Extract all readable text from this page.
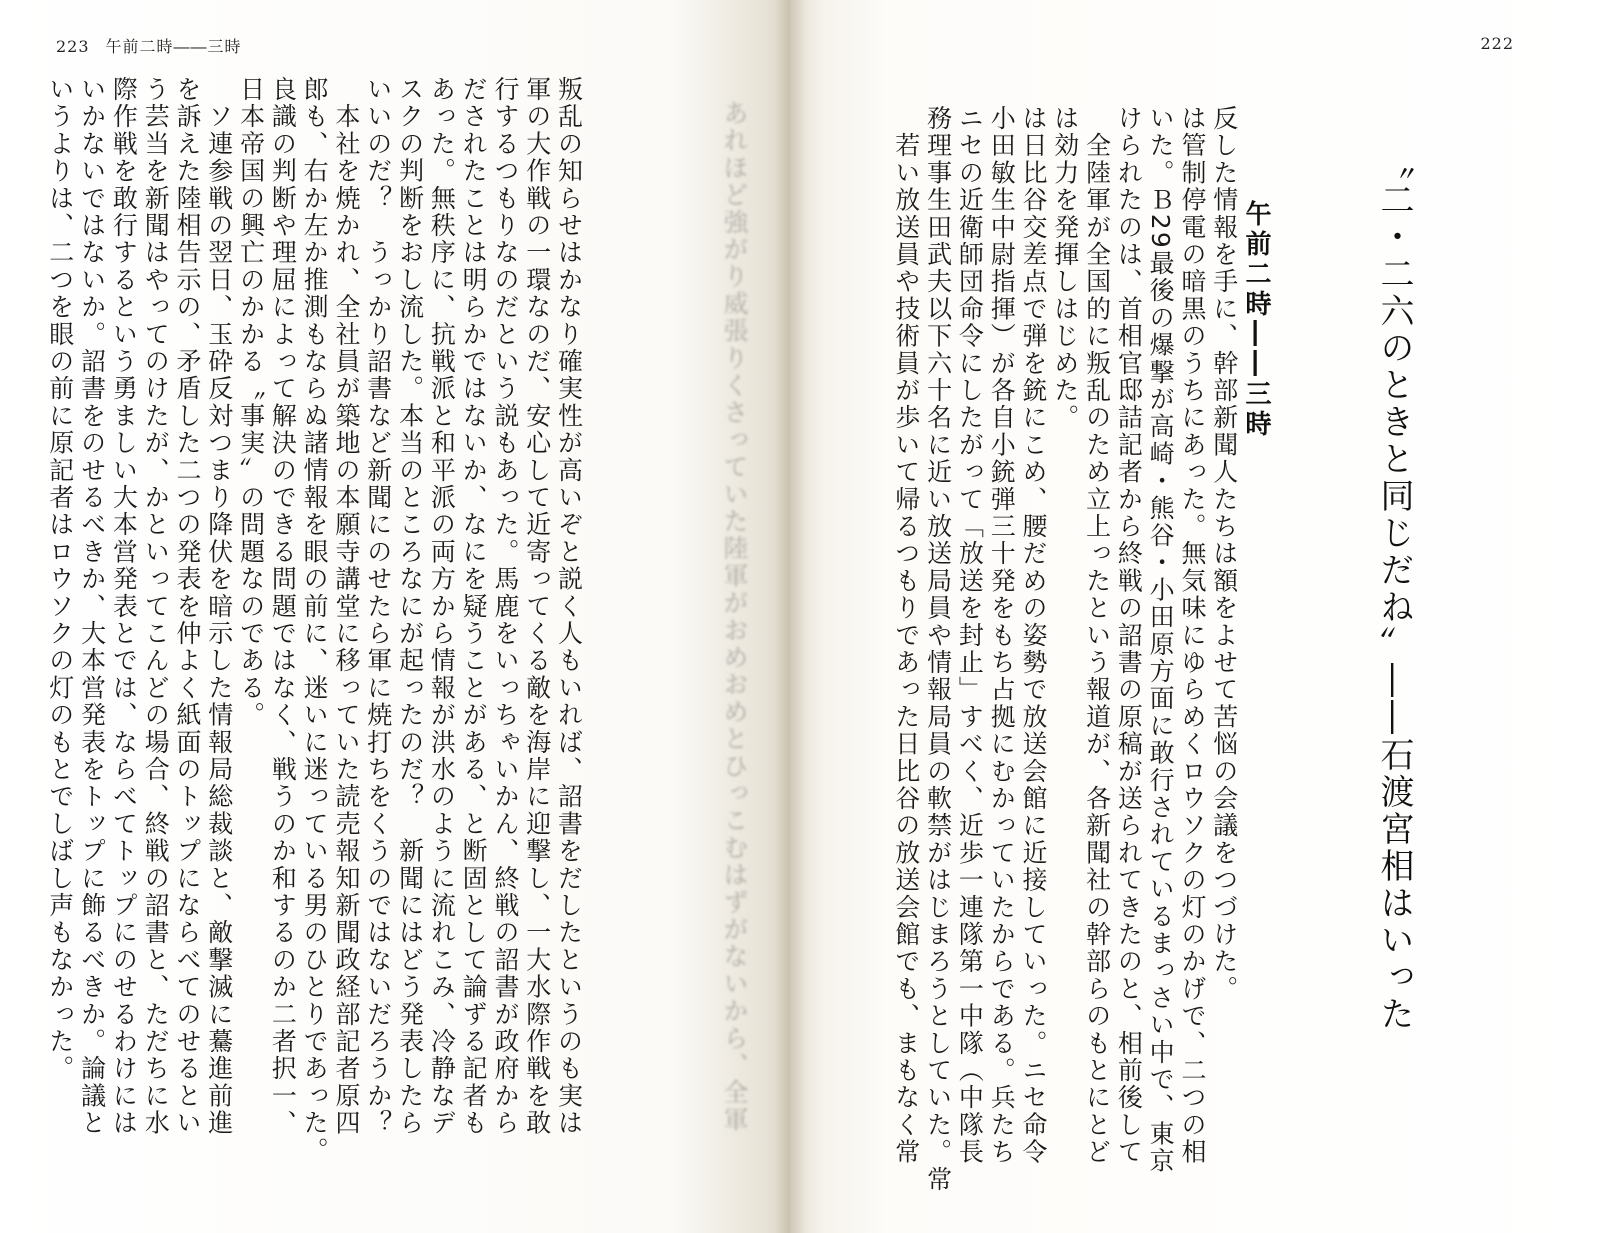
223 午前二時――三時
叛乱の知らせはかなり確実性が高いぞと説く人もいれば、詔書をだしたというのも実は
軍の大作戦の一環なのだ、安心して近寄ってくる敵を海岸に迎撃し、一大水際作戦を敢
行するつもりなのだという説もあった。馬鹿をいっちゃいかん、終戦の詔書が政府から
だされたことは明らかではないか、なにを疑うことがある、と断固として論ずる記者も
あった。無秩序に、抗戦派と和平派の両方から情報が洪水のように流れこみ、冷静なデ
スクの判断をおし流した。本当のところなにが起ったのだ？　新聞にはどう発表したら
いいのだ？　うっかり詔書など新聞にのせたら軍に焼打ちをくうのではないだろうか？
　本社を焼かれ、全社員が築地の本願寺講堂に移っていた読売報知新聞政経部記者原四
郎も、右か左か推測もならぬ諸情報を眼の前に、迷いに迷っている男のひとりであった。
良識の判断や理屈によって解決のできる問題ではなく、戦うのか和するのか二者択一、
日本帝国の興亡のかかる〝事実〟の問題なのである。
　ソ連参戦の翌日、玉砕反対つまり降伏を暗示した情報局総裁談と、敵撃滅に驀進前進
を訴えた陸相告示の、矛盾した二つの発表を仲よく紙面のトップにならべてのせるとい
う芸当を新聞はやってのけたが、かといってこんどの場合、終戦の詔書と、ただちに水
際作戦を敢行するという勇ましい大本営発表とでは、ならべてトップにのせるわけには
いかないではないか。詔書をのせるべきか、大本営発表をトップに飾るべきか。論議と
いうよりは、二つを眼の前に原記者はロウソクの灯のもとでしばし声もなかった。	あれほど強がり威張りくさっていた陸軍がおめおめとひっこむはずがないから、全軍
222
反した情報を手に、幹部新聞人たちは額をよせて苦悩の会議をつづけた。
は管制停電の暗黒のうちにあった。無気味にゆらめくロウソクの灯のかげで、二つの相
いた。Ｂ29最後の爆撃が高崎・熊谷・小田原方面に敢行されているまっさい中で、東京
けられたのは、首相官邸詰記者から終戦の詔書の原稿が送られてきたのと、相前後して
　全陸軍が全国的に叛乱のため立上ったという報道が、各新聞社の幹部らのもとにとど
は効力を発揮しはじめた。
は日比谷交差点で弾を銃にこめ、腰だめの姿勢で放送会館に近接していった。ニセ命令
小田敏生中尉指揮）が各自小銃弾三十発をもち占拠にむかっていたからである。兵たち
ニセの近衛師団命令にしたがって「放送を封止」すべく、近歩一連隊第一中隊（中隊長
務理事生田武夫以下六十名に近い放送局員や情報局員の軟禁がはじまろうとしていた。常
　若い放送員や技術員が歩いて帰るつもりであった日比谷の放送会館でも、まもなく常	午前二時――三時	〝二・二六のときと同じだね〟――石渡宮相はいった
